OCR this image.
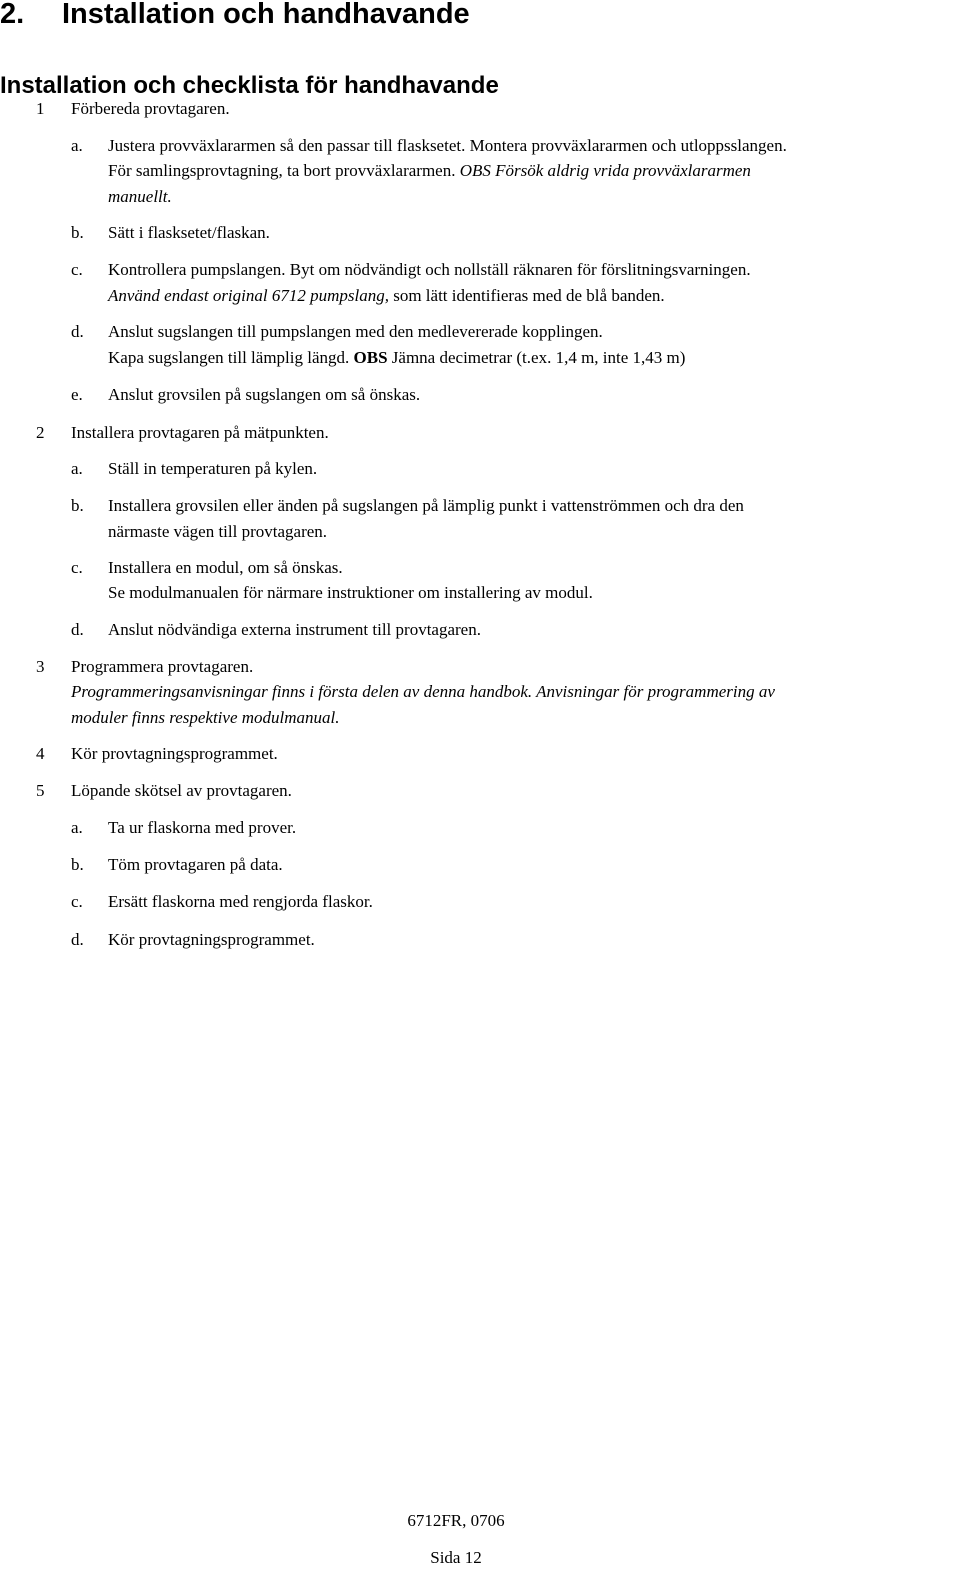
2. Installation och handhavande
Installation och checklista för handhavande
1 Förbereda provtagaren.
a. Justera provväxlararmen så den passar till flasksetet. Montera provväxlararmen och utloppsslangen.
För samlingsprovtagning, ta bort provväxlararmen. OBS Försök aldrig vrida provväxlararmen
manuellt.
b. Sätt i flasksetet/flaskan.
c. Kontrollera pumpslangen. Byt om nödvändigt och nollställ räknaren för förslitningsvarningen.
Använd endast original 6712 pumpslang, som lätt identifieras med de blå banden.
d. Anslut sugslangen till pumpslangen med den medlevererade kopplingen.
Kapa sugslangen till lämplig längd. OBS Jämna decimetrar (t.ex. 1,4 m, inte 1,43 m)
e. Anslut grovsilen på sugslangen om så önskas.
2 Installera provtagaren på mätpunkten.
a. Ställ in temperaturen på kylen.
b. Installera grovsilen eller änden på sugslangen på lämplig punkt i vattenströmmen och dra den
närmaste vägen till provtagaren.
c. Installera en modul, om så önskas.
Se modulmanualen för närmare instruktioner om installering av modul.
d. Anslut nödvändiga externa instrument till provtagaren.
3 Programmera provtagaren.
Programmeringsanvisningar finns i första delen av denna handbok. Anvisningar för programmering av
moduler finns respektive modulmanual.
4 Kör provtagningsprogrammet.
5 Löpande skötsel av provtagaren.
a. Ta ur flaskorna med prover.
b. Töm provtagaren på data.
c. Ersätt flaskorna med rengjorda flaskor.
d. Kör provtagningsprogrammet.
6712FR, 0706
Sida 12
